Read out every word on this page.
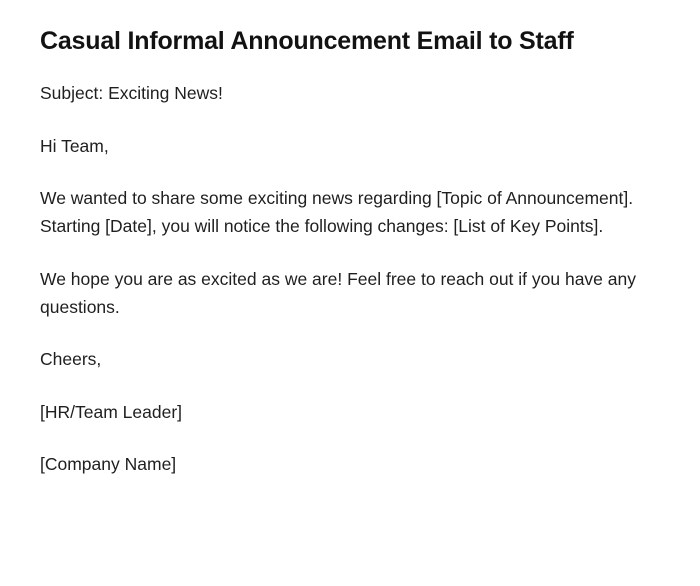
Casual Informal Announcement Email to Staff

Subject: Exciting News!

Hi Team,

We wanted to share some exciting news regarding [Topic of Announcement]. Starting [Date], you will notice the following changes: [List of Key Points].

We hope you are as excited as we are! Feel free to reach out if you have any questions.

Cheers,

[HR/Team Leader]

[Company Name]
